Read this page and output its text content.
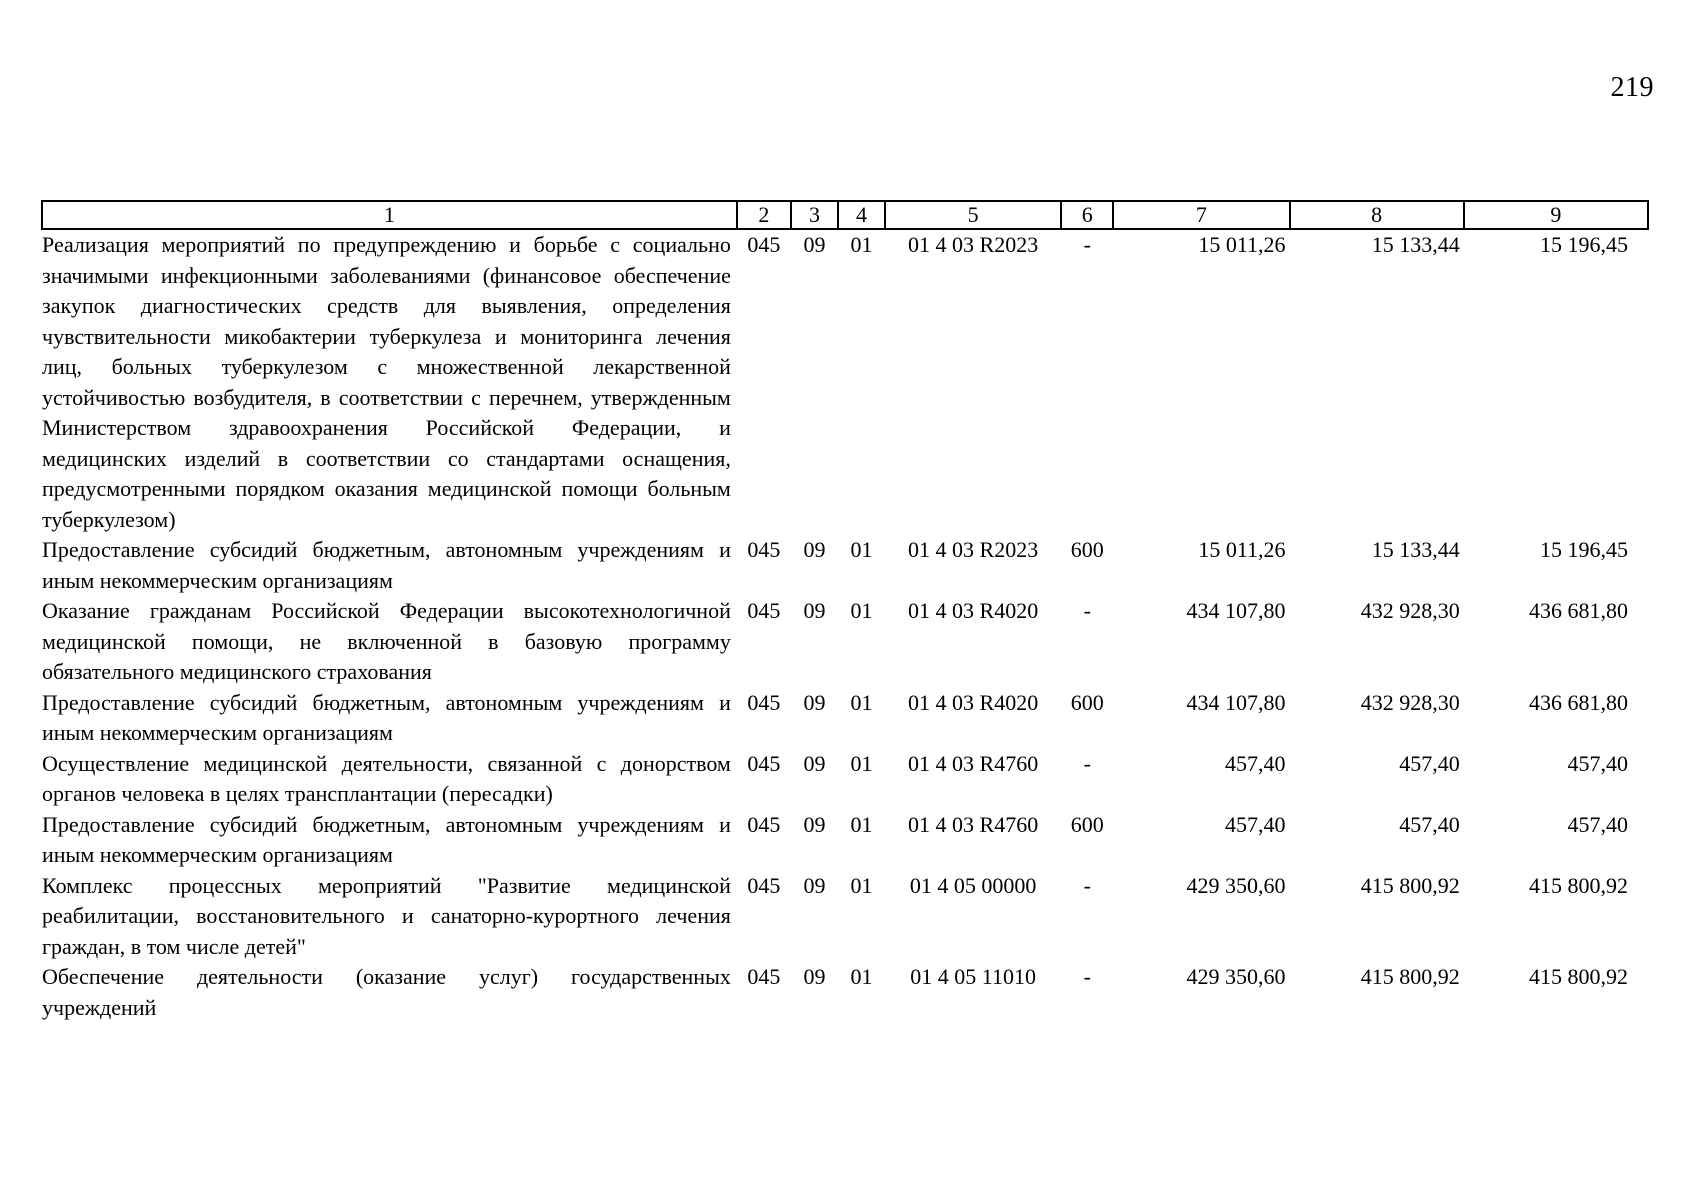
219
1	2	3	4	5	6	7	8	9
Реализация мероприятий по предупреждению и борьбе с социально значимыми инфекционными заболеваниями (финансовое обеспечение закупок диагностических средств для выявления, определения чувствительности микобактерии туберкулеза и мониторинга лечения лиц, больных туберкулезом с множественной лекарственной устойчивостью возбудителя, в соответствии с перечнем, утвержденным Министерством здравоохранения Российской Федерации, и медицинских изделий в соответствии со стандартами оснащения, предусмотренными порядком оказания медицинской помощи больным туберкулезом)	045	09	01	01 4 03 R2023	-	15 011,26	15 133,44	15 196,45
Предоставление субсидий бюджетным, автономным учреждениям и иным некоммерческим организациям	045	09	01	01 4 03 R2023	600	15 011,26	15 133,44	15 196,45
Оказание гражданам Российской Федерации высокотехнологичной медицинской помощи, не включенной в базовую программу обязательного медицинского страхования	045	09	01	01 4 03 R4020	-	434 107,80	432 928,30	436 681,80
Предоставление субсидий бюджетным, автономным учреждениям и иным некоммерческим организациям	045	09	01	01 4 03 R4020	600	434 107,80	432 928,30	436 681,80
Осуществление медицинской деятельности, связанной с донорством органов человека в целях трансплантации (пересадки)	045	09	01	01 4 03 R4760	-	457,40	457,40	457,40
Предоставление субсидий бюджетным, автономным учреждениям и иным некоммерческим организациям	045	09	01	01 4 03 R4760	600	457,40	457,40	457,40
Комплекс процессных мероприятий "Развитие медицинской реабилитации, восстановительного и санаторно-курортного лечения граждан, в том числе детей"	045	09	01	01 4 05 00000	-	429 350,60	415 800,92	415 800,92
Обеспечение деятельности (оказание услуг) государственных учреждений	045	09	01	01 4 05 11010	-	429 350,60	415 800,92	415 800,92
